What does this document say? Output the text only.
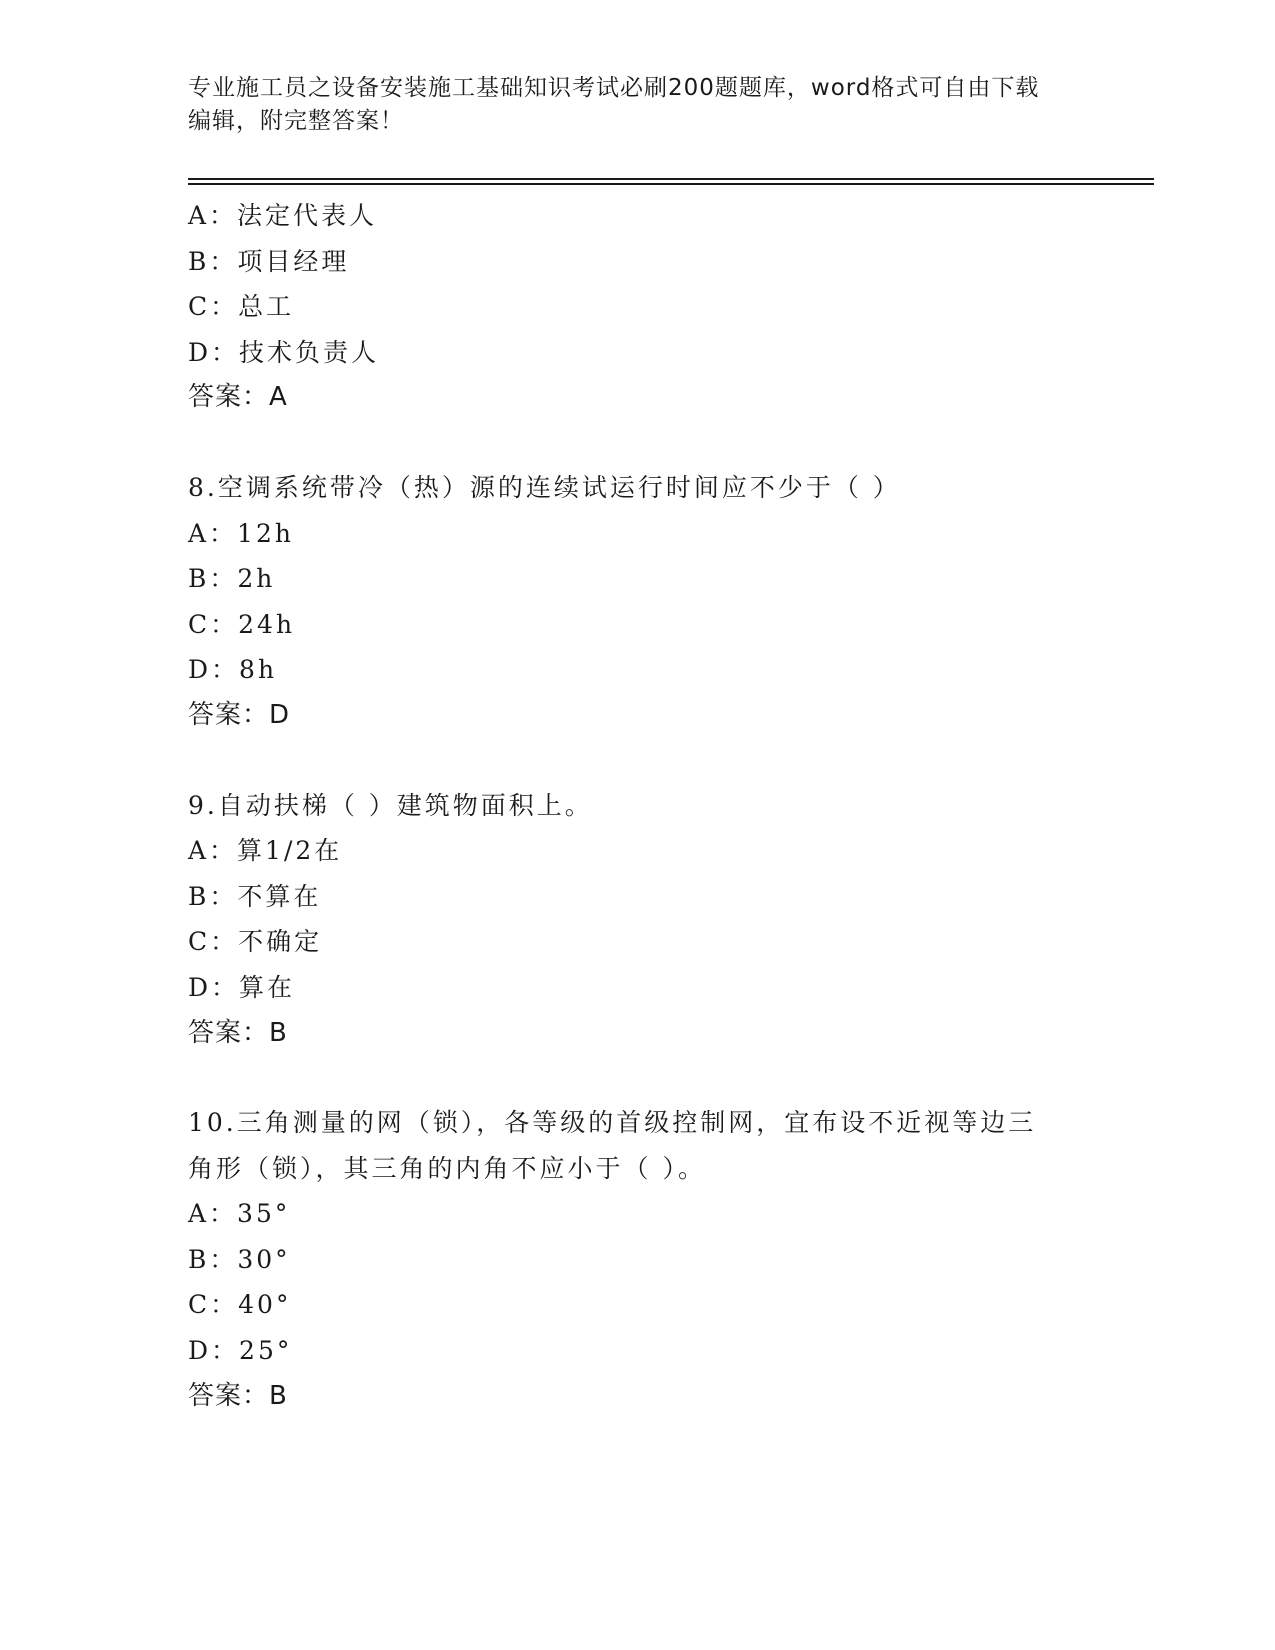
专业施工员之设备安装施工基础知识考试必刷200题题库，word格式可自由下载
编辑，附完整答案！
A：法定代表人
B：项目经理
C：总工
D：技术负责人
答案：A
8.空调系统带冷（热）源的连续试运行时间应不少于（ ）
A：12h
B：2h
C：24h
D：8h
答案：D
9.自动扶梯（ ）建筑物面积上。
A：算1/2在
B：不算在
C：不确定
D：算在
答案：B
10.三角测量的网（锁），各等级的首级控制网，宜布设不近视等边三
角形（锁），其三角的内角不应小于（ ）。
A：35°
B：30°
C：40°
D：25°
答案：B
